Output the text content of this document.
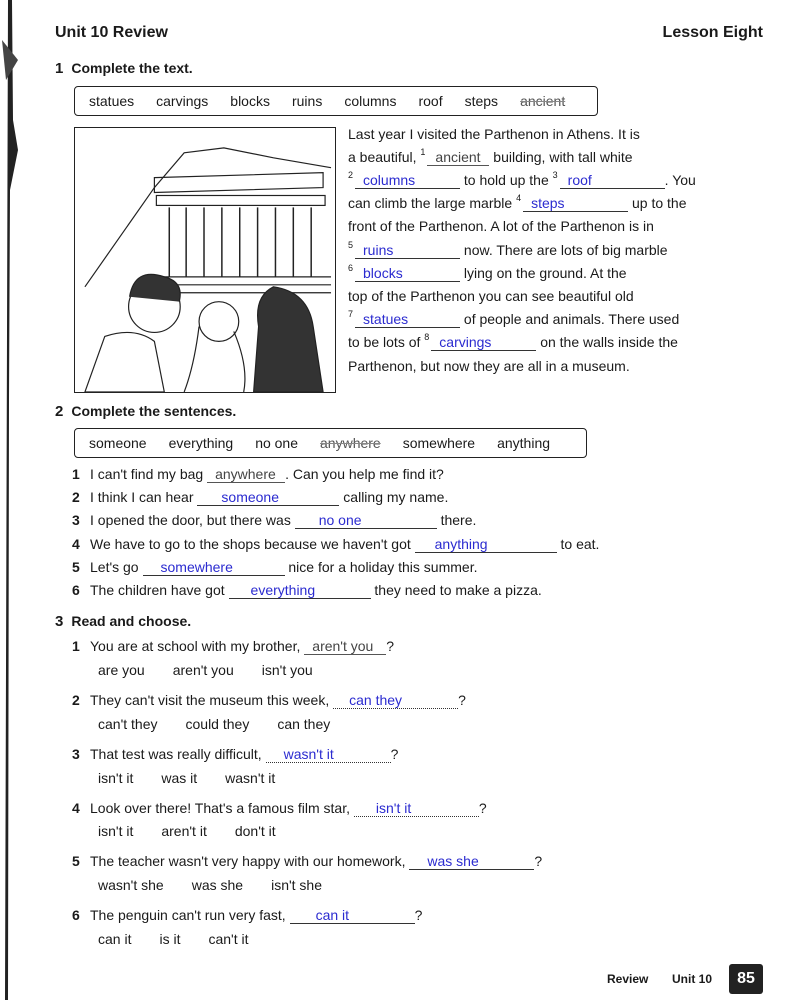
Unit 10 Review	Lesson Eight
1 Complete the text.
statues carvings blocks ruins columns roof steps ancient
Last year I visited the Parthenon in Athens. It is
a beautiful, $^1$ ancient building, with tall white
$^2$ columns	to hold up the $^3$ roof	. You
can climb the large marble $^4$ steps	up to the
front of the Parthenon. A lot of the Parthenon is in
$^5$ ruins	now. There are lots of big marble
$^6$ blocks	lying on the ground. At the
top of the Parthenon you can see beautiful old
$^7$ statues	of people and animals. There used
to be lots of $^8$ carvings	on the walls inside the
Parthenon, but now they are all in a museum.
2 Complete the sentences.
someone everything no one anywhere somewhere anything
1 I can't find my bag anywhere . Can you help me find it?
2 I think I can hear someone	calling my name.
3 I opened the door, but there was no one	there.
4 We have to go to the shops because we haven't got anything	to eat.
5 Let's go somewhere	nice for a holiday this summer.
6 The children have got everything	they need to make a pizza.
3 Read and choose.
1 You are at school with my brother, aren't you ?
are you aren't you isn't you
2 They can't visit the museum this week, can they	?
can't they could they can they
3 That test was really difficult, wasn't it	?
isn't it was it wasn't it
4 Look over there! That's a famous film star, isn't it	?
isn't it aren't it don't it
5 The teacher wasn't very happy with our homework, was she	?
wasn't she was she isn't she
6 The penguin can't run very fast, can it	?
can it is it can't it
Review Unit 10	85
